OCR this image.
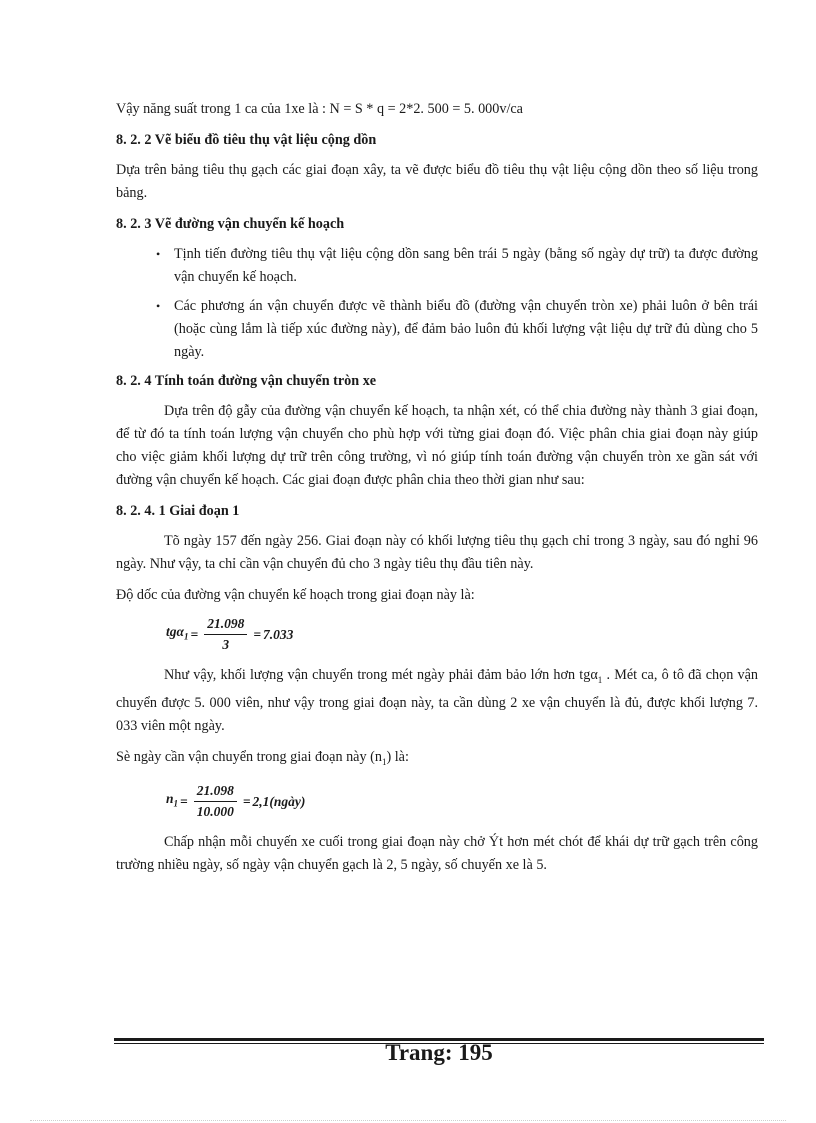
Vậy năng suất trong 1 ca của 1xe là : N = S * q = 2*2. 500 = 5. 000v/ca

8. 2. 2 Vẽ biểu đồ tiêu thụ vật liệu cộng dồn

Dựa trên bảng tiêu thụ gạch các giai đoạn xây, ta vẽ được biểu đồ tiêu thụ vật liệu cộng dồn theo số liệu trong bảng.

8. 2. 3 Vẽ đường vận chuyển kế hoạch
• Tịnh tiến đường tiêu thụ vật liệu cộng dồn sang bên trái 5 ngày (bằng số ngày dự trữ) ta được đường vận chuyển kế hoạch.
• Các phương án vận chuyển được vẽ thành biểu đồ (đường vận chuyển tròn xe) phải luôn ở bên trái (hoặc cùng lắm là tiếp xúc đường này), để đảm bảo luôn đủ khối lượng vật liệu dự trữ đủ dùng cho 5 ngày.
8. 2. 4 Tính toán đường vận chuyển tròn xe

Dựa trên độ gẫy của đường vận chuyển kế hoạch, ta nhận xét, có thể chia đường này thành 3 giai đoạn, để từ đó ta tính toán lượng vận chuyển cho phù hợp với từng giai đoạn đó. Việc phân chia giai đoạn này giúp cho việc giảm khối lượng dự trữ trên công trường, vì nó giúp tính toán đường vận chuyển tròn xe gần sát với đường vận chuyển kế hoạch. Các giai đoạn được phân chia theo thời gian như sau:

8. 2. 4. 1 Giai đoạn 1

Tõ ngày 157 đến ngày 256. Giai đoạn này có khối lượng tiêu thụ gạch chỉ trong 3 ngày, sau đó nghỉ 96 ngày. Như vậy, ta chỉ cần vận chuyển đủ cho 3 ngày tiêu thụ đầu tiên này.

Độ dốc của đường vận chuyển kế hoạch trong giai đoạn này là:

$tg\alpha_1 = \frac{21.098}{3} = 7.033$

Như vậy, khối lượng vận chuyển trong mét ngày phải đảm bảo lớn hơn tgα$_1$ . Mét ca, ô tô đã chọn vận chuyển được 5. 000 viên, như vậy trong giai đoạn này, ta cần dùng 2 xe vận chuyển là đủ, được khối lượng 7. 033 viên một ngày.

Sè ngày cần vận chuyển trong giai đoạn này $(n_1)$ là:

$n_1 = \frac{21.098}{10.000}$ = 2,1(ngày)

Chấp nhận mỗi chuyến xe cuối trong giai đoạn này chở Ýt hơn mét chót để khái dự trữ gạch trên công trường nhiều ngày, số ngày vận chuyển gạch là 2, 5 ngày, số chuyến xe là 5.

Trang: 195
